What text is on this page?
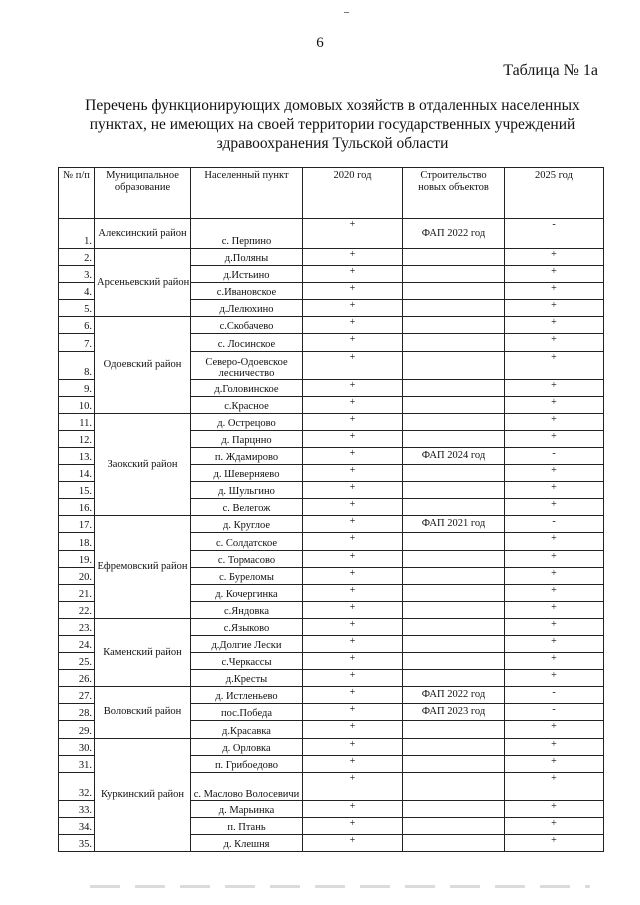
6
Таблица № 1а
Перечень функционирующих домовых хозяйств в отдаленных населенных пунктах, не имеющих на своей территории государственных учреждений здравоохранения Тульской области
№ п/п	Муниципальное образование	Населенный пункт	2020 год	Строительство новых объектов	2025 год
1.	Алексинский район	с. Перпино	+	ФАП 2022 год	-
2.	Арсеньевский район	д.Поляны	+		+
3.		д.Истьино	+		+
4.		с.Ивановское	+		+
5.		д.Лелюхино	+		+
6.	Одоевский район	с.Скобачево	+		+
7.		с. Лосинское	+		+
8.		Северо-Одоевское лесничество	+		+
9.		д.Головинское	+		+
10.		с.Красное	+		+
11.	Заокский район	д. Острецово	+		+
12.		д. Парцнно	+		+
13.		п. Ждамирово	+	ФАП 2024 год	-
14.		д. Шеверняево	+		+
15.		д. Шульгино	+		+
16.		с. Велегож	+		+
17.	Ефремовский район	д. Круглое	+	ФАП 2021 год	-
18.		с. Солдатское	+		+
19.		с. Тормасово	+		+
20.		с. Буреломы	+		+
21.		д. Кочергинка	+		+
22.		с.Яндовка	+		+
23.	Каменский район	с.Языково	+		+
24.		д.Долгие Лески	+		+
25.		с.Черкассы	+		+
26.		д.Кресты	+		+
27.	Воловский район	д. Истленьево	+	ФАП 2022 год	-
28.		пос.Победа	+	ФАП 2023 год	-
29.		д.Красавка	+		+
30.	Куркинский район	д. Орловка	+		+
31.		п. Грибоедово	+		+
32.		с. Маслово Волосевичи	+		+
33.		д. Марьинка	+		+
34.		п. Птань	+		+
35.		д. Клешня	+		+
